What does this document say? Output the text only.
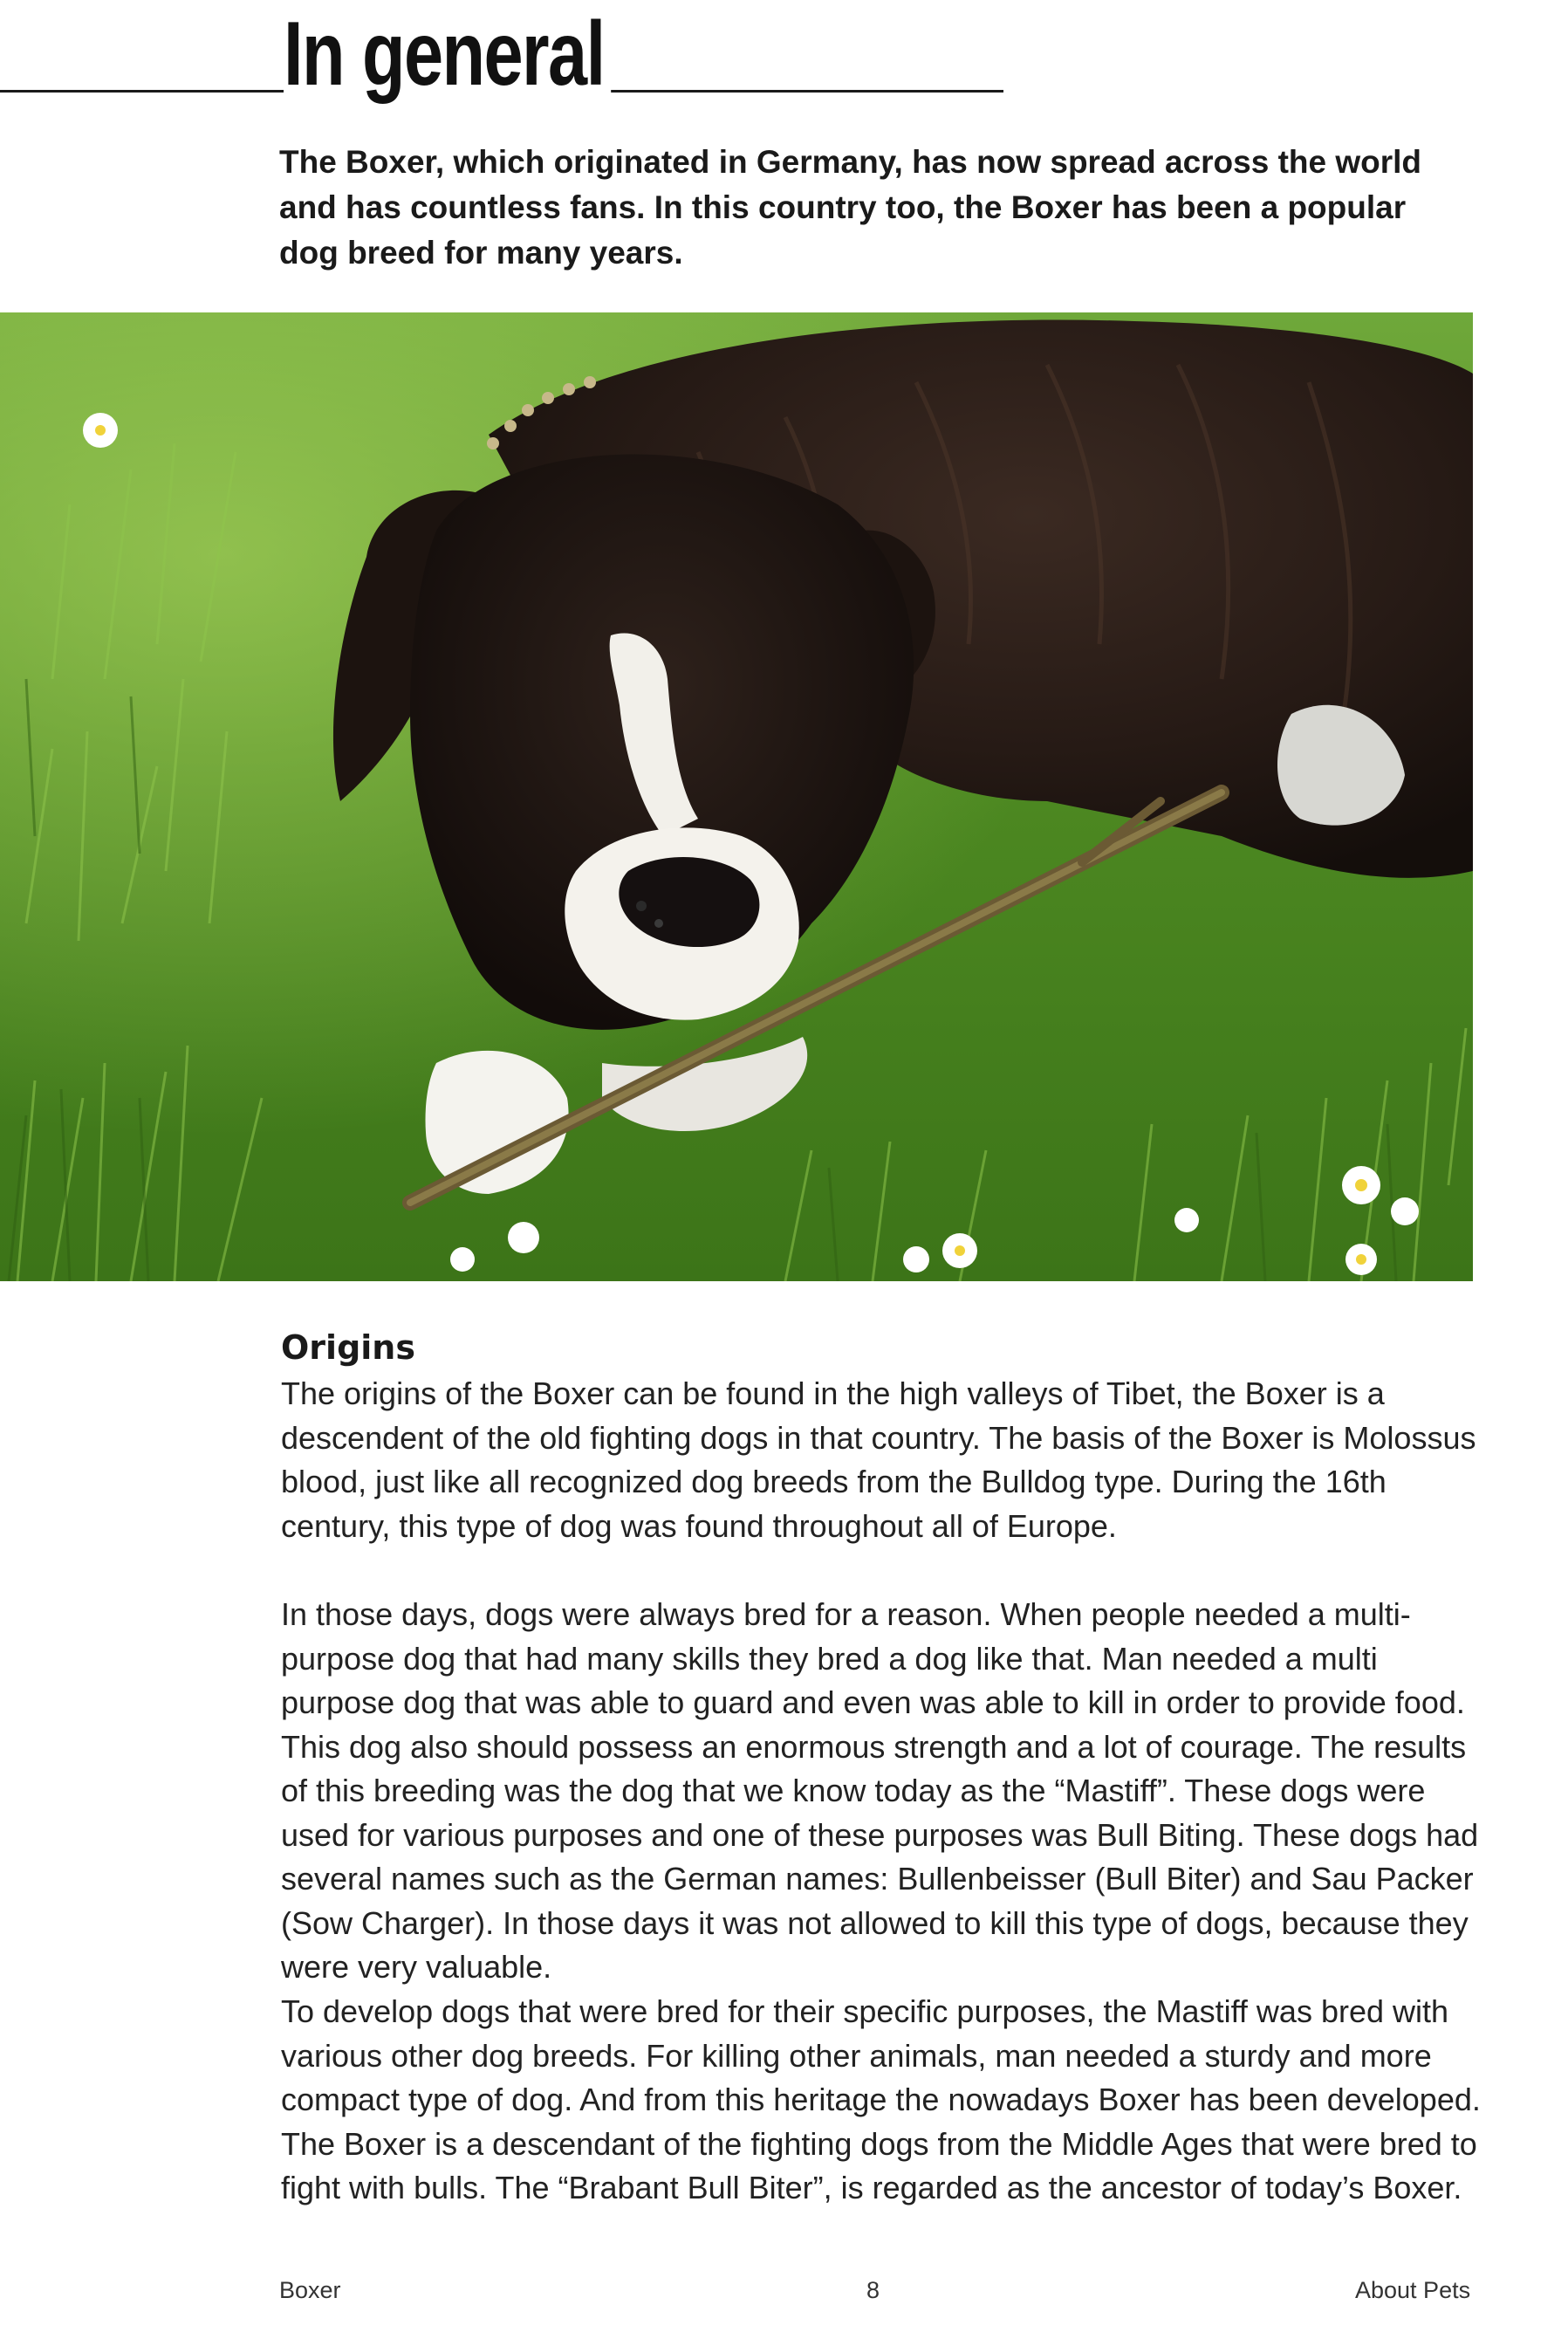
In general

The Boxer, which originated in Germany, has now spread across the world and has countless fans. In this country too, the Boxer has been a popular dog breed for many years.

Origins

The origins of the Boxer can be found in the high valleys of Tibet, the Boxer is a descendent of the old fighting dogs in that country. The basis of the Boxer is Molossus blood, just like all recognized dog breeds from the Bulldog type. During the 16th century, this type of dog was found throughout all of Europe.

In those days, dogs were always bred for a reason. When people needed a multi-purpose dog that had many skills they bred a dog like that. Man needed a multi purpose dog that was able to guard and even was able to kill in order to provide food. This dog also should possess an enormous strength and a lot of courage. The results of this breeding was the dog that we know today as the “Mastiff”. These dogs were used for various purposes and one of these purposes was Bull Biting. These dogs had several names such as the German names: Bullenbeisser (Bull Biter) and Sau Packer (Sow Charger). In those days it was not allowed to kill this type of dogs, because they were very valuable.

To develop dogs that were bred for their specific purposes, the Mastiff was bred with various other dog breeds. For killing other animals, man needed a sturdy and more compact type of dog. And from this heritage the nowadays Boxer has been developed. The Boxer is a descendant of the fighting dogs from the Middle Ages that were bred to fight with bulls. The “Brabant Bull Biter”, is regarded as the ancestor of today’s Boxer.

Boxer	8	About Pets
